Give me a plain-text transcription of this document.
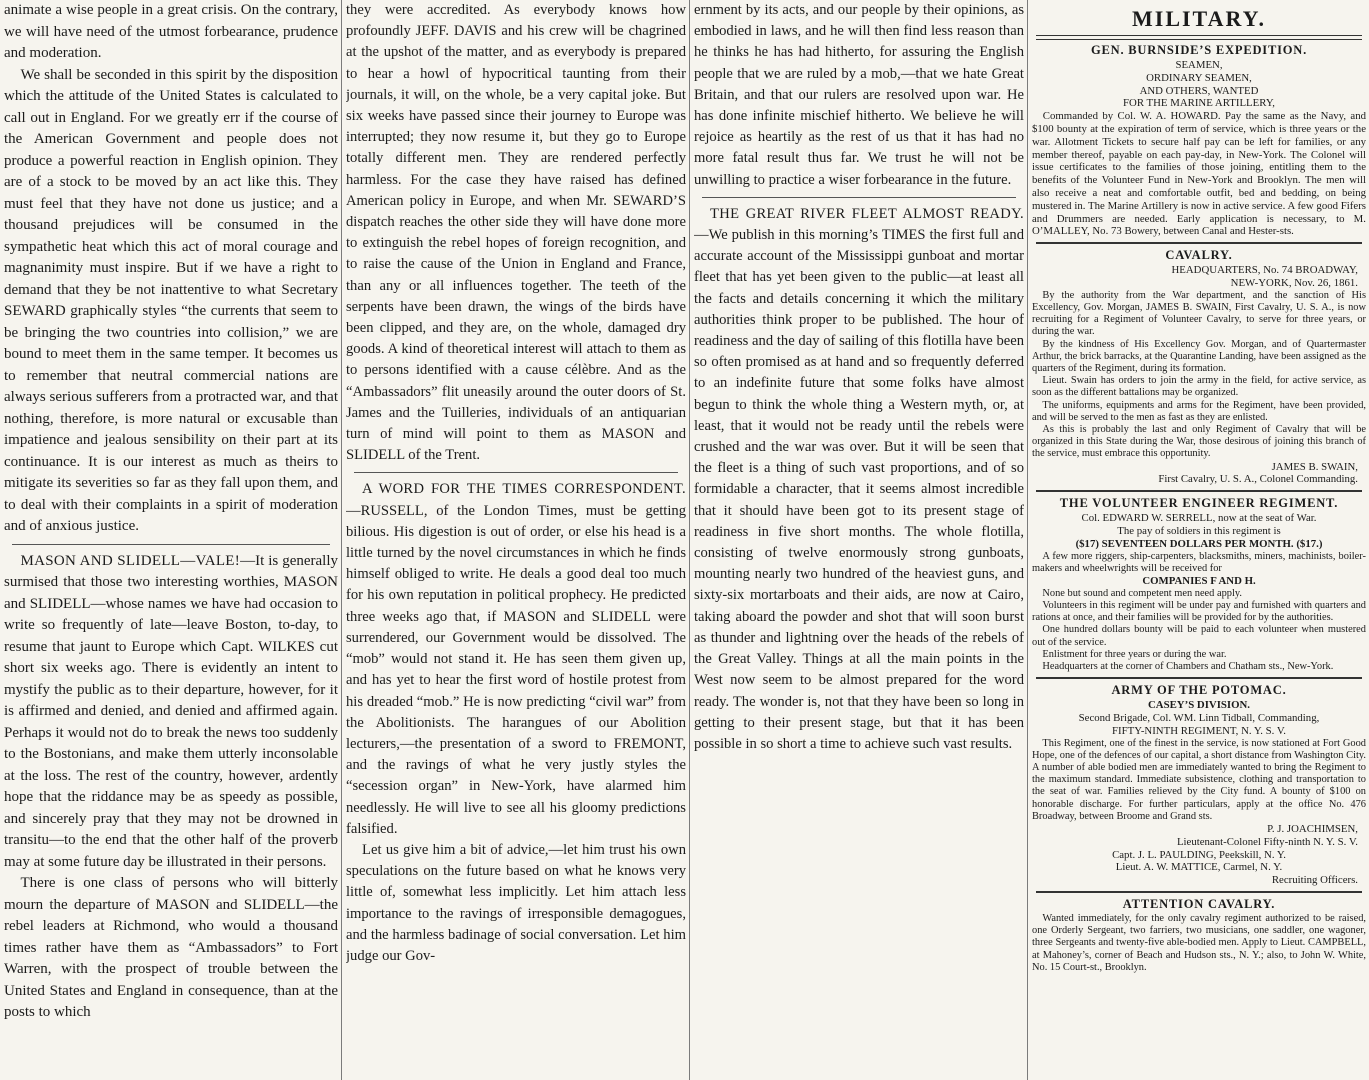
animate a wise people in a great crisis. On the contrary, we will have need of the utmost forbearance, prudence and moderation.

We shall be seconded in this spirit by the disposition which the attitude of the United States is calculated to call out in England. For we greatly err if the course of the American Government and people does not produce a powerful reaction in English opinion. They are of a stock to be moved by an act like this. They must feel that they have not done us justice; and a thousand prejudices will be consumed in the sympathetic heat which this act of moral courage and magnanimity must inspire. But if we have a right to demand that they be not inattentive to what Secretary SEWARD graphically styles “the currents that seem to be bringing the two countries into collision,” we are bound to meet them in the same temper. It becomes us to remember that neutral commercial nations are always serious sufferers from a protracted war, and that nothing, therefore, is more natural or excusable than impatience and jealous sensibility on their part at its continuance. It is our interest as much as theirs to mitigate its severities so far as they fall upon them, and to deal with their complaints in a spirit of moderation and of anxious justice.

MASON AND SLIDELL—VALE!—It is generally surmised that those two interesting worthies, MASON and SLIDELL—whose names we have had occasion to write so frequently of late—leave Boston, to-day, to resume that jaunt to Europe which Capt. WILKES cut short six weeks ago. There is evidently an intent to mystify the public as to their departure, however, for it is affirmed and denied, and denied and affirmed again. Perhaps it would not do to break the news too suddenly to the Bostonians, and make them utterly inconsolable at the loss. The rest of the country, however, ardently hope that the riddance may be as speedy as possible, and sincerely pray that they may not be drowned in transitu—to the end that the other half of the proverb may at some future day be illustrated in their persons.

There is one class of persons who will bitterly mourn the departure of MASON and SLIDELL—the rebel leaders at Richmond, who would a thousand times rather have them as “Ambassadors” to Fort Warren, with the prospect of trouble between the United States and England in consequence, than at the posts to which

they were accredited. As everybody knows how profoundly JEFF. DAVIS and his crew will be chagrined at the upshot of the matter, and as everybody is prepared to hear a howl of hypocritical taunting from their journals, it will, on the whole, be a very capital joke. But six weeks have passed since their journey to Europe was interrupted; they now resume it, but they go to Europe totally different men. They are rendered perfectly harmless. For the case they have raised has defined American policy in Europe, and when Mr. SEWARD’S dispatch reaches the other side they will have done more to extinguish the rebel hopes of foreign recognition, and to raise the cause of the Union in England and France, than any or all influences together. The teeth of the serpents have been drawn, the wings of the birds have been clipped, and they are, on the whole, damaged dry goods. A kind of theoretical interest will attach to them as to persons identified with a cause célèbre. And as the “Ambassadors” flit uneasily around the outer doors of St. James and the Tuilleries, individuals of an antiquarian turn of mind will point to them as MASON and SLIDELL of the Trent.

A WORD FOR THE TIMES CORRESPONDENT.—RUSSELL, of the London Times, must be getting bilious. His digestion is out of order, or else his head is a little turned by the novel circumstances in which he finds himself obliged to write. He deals a good deal too much for his own reputation in political prophecy. He predicted three weeks ago that, if MASON and SLIDELL were surrendered, our Government would be dissolved. The “mob” would not stand it. He has seen them given up, and has yet to hear the first word of hostile protest from his dreaded “mob.” He is now predicting “civil war” from the Abolitionists. The harangues of our Abolition lecturers,—the presentation of a sword to FREMONT, and the ravings of what he very justly styles the “secession organ” in New-York, have alarmed him needlessly. He will live to see all his gloomy predictions falsified.

Let us give him a bit of advice,—let him trust his own speculations on the future based on what he knows very little of, somewhat less implicitly. Let him attach less importance to the ravings of irresponsible demagogues, and the harmless badinage of social conversation. Let him judge our Gov-

ernment by its acts, and our people by their opinions, as embodied in laws, and he will then find less reason than he thinks he has had hitherto, for assuring the English people that we are ruled by a mob,—that we hate Great Britain, and that our rulers are resolved upon war. He has done infinite mischief hitherto. We believe he will rejoice as heartily as the rest of us that it has had no more fatal result thus far. We trust he will not be unwilling to practice a wiser forbearance in the future.

THE GREAT RIVER FLEET ALMOST READY.—We publish in this morning’s TIMES the first full and accurate account of the Mississippi gunboat and mortar fleet that has yet been given to the public—at least all the facts and details concerning it which the military authorities think proper to be published. The hour of readiness and the day of sailing of this flotilla have been so often promised as at hand and so frequently deferred to an indefinite future that some folks have almost begun to think the whole thing a Western myth, or, at least, that it would not be ready until the rebels were crushed and the war was over. But it will be seen that the fleet is a thing of such vast proportions, and of so formidable a character, that it seems almost incredible that it should have been got to its present stage of readiness in five short months. The whole flotilla, consisting of twelve enormously strong gunboats, mounting nearly two hundred of the heaviest guns, and sixty-six mortarboats and their aids, are now at Cairo, taking aboard the powder and shot that will soon burst as thunder and lightning over the heads of the rebels of the Great Valley. Things at all the main points in the West now seem to be almost prepared for the word ready. The wonder is, not that they have been so long in getting to their present stage, but that it has been possible in so short a time to achieve such vast results.

MILITARY.
GEN. BURNSIDE’S EXPEDITION.

SEAMEN,

ORDINARY SEAMEN,

AND OTHERS, WANTED

FOR THE MARINE ARTILLERY,

Commanded by Col. W. A. HOWARD. Pay the same as the Navy, and $100 bounty at the expiration of term of service, which is three years or the war. Allotment Tickets to secure half pay can be left for families, or any member thereof, payable on each pay-day, in New-York. The Colonel will issue certificates to the families of those joining, entitling them to the benefits of the Volunteer Fund in New-York and Brooklyn. The men will also receive a neat and comfortable outfit, bed and bedding, on being mustered in. The Marine Artillery is now in active service. A few good Fifers and Drummers are needed. Early application is necessary, to M. O’MALLEY, No. 73 Bowery, between Canal and Hester-sts.

CAVALRY.

HEADQUARTERS, No. 74 BROADWAY,

NEW-YORK, Nov. 26, 1861.

By the authority from the War department, and the sanction of His Excellency, Gov. Morgan, JAMES B. SWAIN, First Cavalry, U. S. A., is now recruiting for a Regiment of Volunteer Cavalry, to serve for three years, or during the war.

By the kindness of His Excellency Gov. Morgan, and of Quartermaster Arthur, the brick barracks, at the Quarantine Landing, have been assigned as the quarters of the Regiment, during its formation.

Lieut. Swain has orders to join the army in the field, for active service, as soon as the different battalions may be organized.

The uniforms, equipments and arms for the Regiment, have been provided, and will be served to the men as fast as they are enlisted.

As this is probably the last and only Regiment of Cavalry that will be organized in this State during the War, those desirous of joining this branch of the service, must embrace this opportunity.

JAMES B. SWAIN,

First Cavalry, U. S. A., Colonel Commanding.

THE VOLUNTEER ENGINEER REGIMENT.

Col. EDWARD W. SERRELL, now at the seat of War.

The pay of soldiers in this regiment is

($17) SEVENTEEN DOLLARS PER MONTH. ($17.)

A few more riggers, ship-carpenters, blacksmiths, miners, machinists, boiler-makers and wheelwrights will be received for

COMPANIES F AND H.

None but sound and competent men need apply.

Volunteers in this regiment will be under pay and furnished with quarters and rations at once, and their families will be provided for by the authorities.

One hundred dollars bounty will be paid to each volunteer when mustered out of the service.

Enlistment for three years or during the war.

Headquarters at the corner of Chambers and Chatham sts., New-York.

ARMY OF THE POTOMAC.

CASEY’S DIVISION.

Second Brigade, Col. WM. Linn Tidball, Commanding,

FIFTY-NINTH REGIMENT, N. Y. S. V.

This Regiment, one of the finest in the service, is now stationed at Fort Good Hope, one of the defences of our capital, a short distance from Washington City. A number of able bodied men are immediately wanted to bring the Regiment to the maximum standard. Immediate subsistence, clothing and transportation to the seat of war. Families relieved by the City fund. A bounty of $100 on honorable discharge. For further particulars, apply at the office No. 476 Broadway, between Broome and Grand sts.

P. J. JOACHIMSEN,

Lieutenant-Colonel Fifty-ninth N. Y. S. V.

Capt. J. L. PAULDING, Peekskill, N. Y.

Lieut. A. W. MATTICE, Carmel, N. Y.

Recruiting Officers.

ATTENTION CAVALRY.

Wanted immediately, for the only cavalry regiment authorized to be raised, one Orderly Sergeant, two farriers, two musicians, one saddler, one wagoner, three Sergeants and twenty-five able-bodied men. Apply to Lieut. CAMPBELL, at Mahoney’s, corner of Beach and Hudson sts., N. Y.; also, to John W. White, No. 15 Court-st., Brooklyn.
